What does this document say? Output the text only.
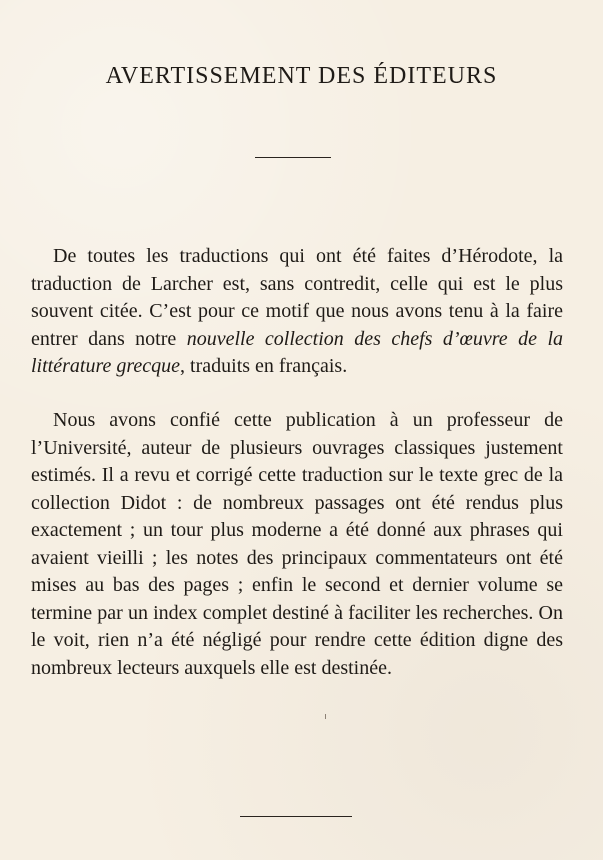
AVERTISSEMENT DES ÉDITEURS
De toutes les traductions qui ont été faites d’Hérodote, la traduction de Larcher est, sans contredit, celle qui est le plus souvent citée. C’est pour ce motif que nous avons tenu à la faire entrer dans notre nouvelle collection des chefs d’œuvre de la littérature grecque, traduits en français.
Nous avons confié cette publication à un professeur de l’Université, auteur de plusieurs ouvrages classiques justement estimés. Il a revu et corrigé cette traduction sur le texte grec de la collection Didot : de nombreux passages ont été rendus plus exactement ; un tour plus moderne a été donné aux phrases qui avaient vieilli ; les notes des principaux commentateurs ont été mises au bas des pages ; enfin le second et dernier volume se termine par un index complet destiné à faciliter les recherches. On le voit, rien n’a été négligé pour rendre cette édition digne des nombreux lecteurs auxquels elle est destinée.
